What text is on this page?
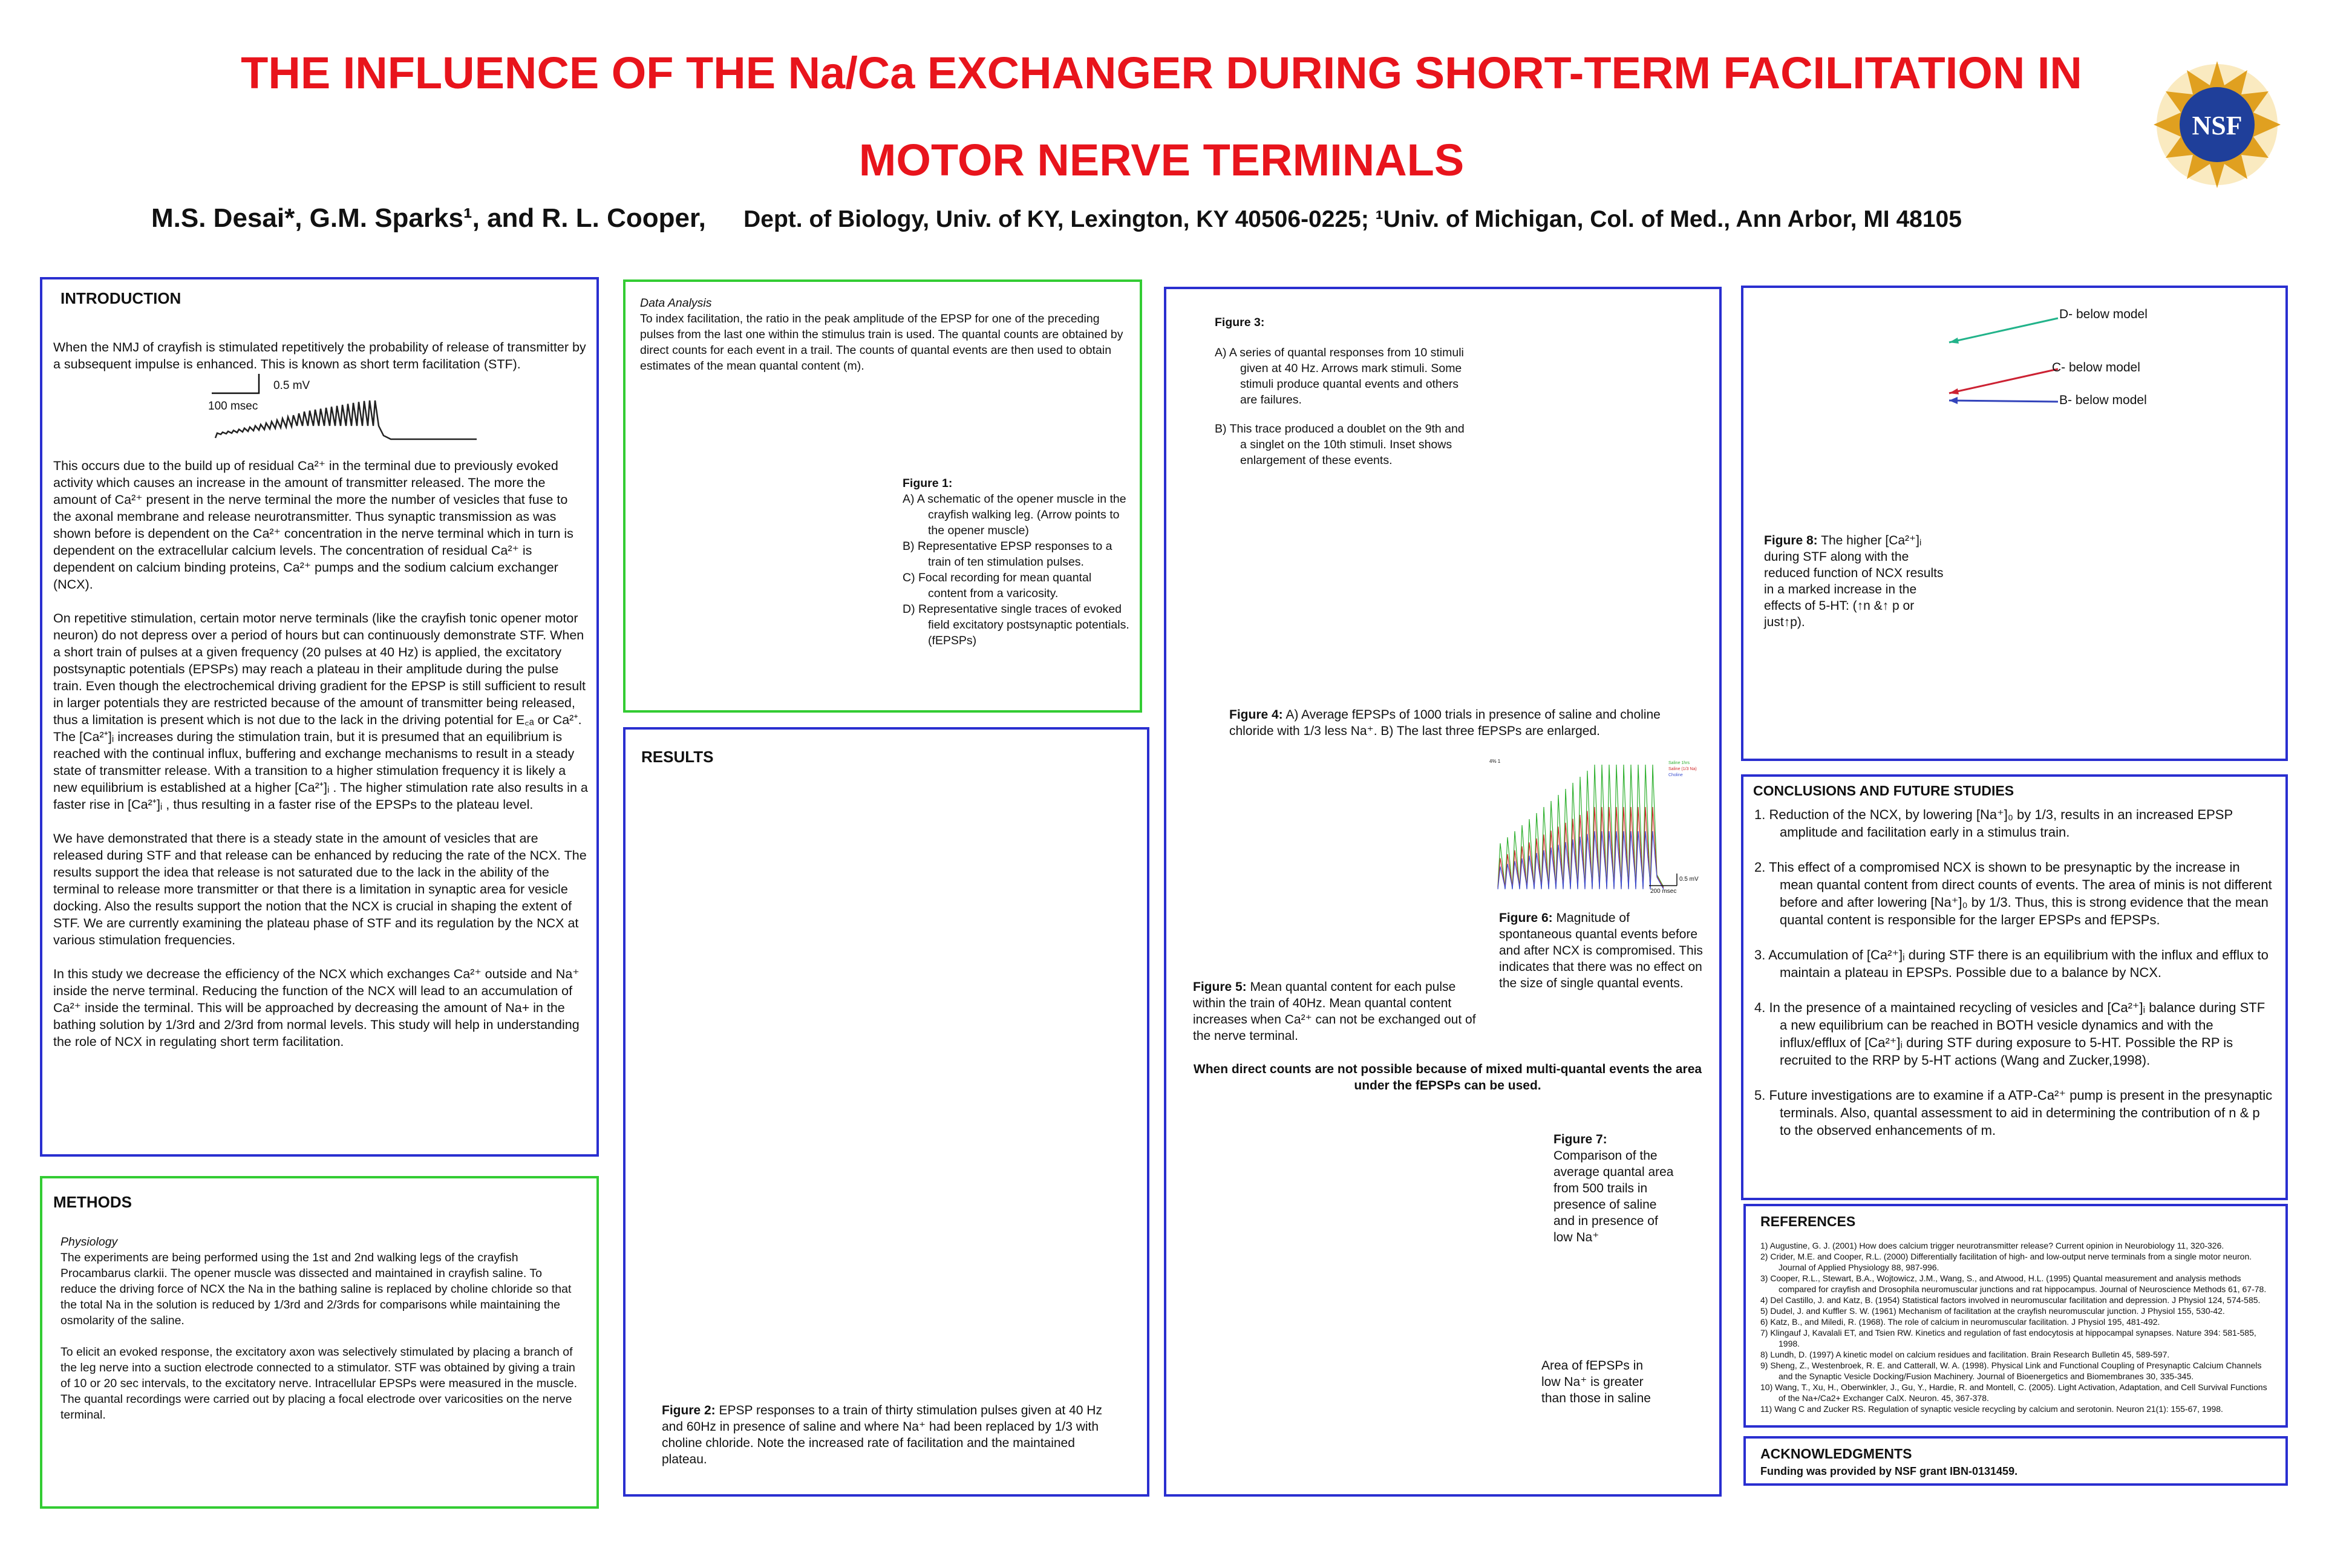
THE INFLUENCE OF THE Na/Ca EXCHANGER DURING SHORT-TERM FACILITATION IN
MOTOR NERVE TERMINALS
M.S. Desai*, G.M. Sparks¹, and R. L. Cooper, Dept. of Biology, Univ. of KY, Lexington, KY 40506-0225; ¹Univ. of Michigan, Col. of Med., Ann Arbor, MI 48105
NSF
INTRODUCTION

When the NMJ of crayfish is stimulated repetitively the probability of release of transmitter by a subsequent impulse is enhanced. This is known as short term facilitation (STF).

0.5 mV
100 msec

This occurs due to the build up of residual Ca²⁺ in the terminal due to previously evoked activity which causes an increase in the amount of transmitter released. The more the amount of Ca²⁺ present in the nerve terminal the more the number of vesicles that fuse to the axonal membrane and release neurotransmitter. Thus synaptic transmission as was shown before is dependent on the Ca²⁺ concentration in the nerve terminal which in turn is dependent on the extracellular calcium levels. The concentration of residual Ca²⁺ is dependent on calcium binding proteins, Ca²⁺ pumps and the sodium calcium exchanger (NCX).

On repetitive stimulation, certain motor nerve terminals (like the crayfish tonic opener motor neuron) do not depress over a period of hours but can continuously demonstrate STF. When a short train of pulses at a given frequency (20 pulses at 40 Hz) is applied, the excitatory postsynaptic potentials (EPSPs) may reach a plateau in their amplitude during the pulse train. Even though the electrochemical driving gradient for the EPSP is still sufficient to result in larger potentials they are restricted because of the amount of transmitter being released, thus a limitation is present which is not due to the lack in the driving potential for E꜀ₐ or Ca²⁺. The [Ca²⁺]ᵢ increases during the stimulation train, but it is presumed that an equilibrium is reached with the continual influx, buffering and exchange mechanisms to result in a steady state of transmitter release. With a transition to a higher stimulation frequency it is likely a new equilibrium is established at a higher [Ca²⁺]ᵢ . The higher stimulation rate also results in a faster rise in [Ca²⁺]ᵢ , thus resulting in a faster rise of the EPSPs to the plateau level.

We have demonstrated that there is a steady state in the amount of vesicles that are released during STF and that release can be enhanced by reducing the rate of the NCX. The results support the idea that release is not saturated due to the lack in the ability of the terminal to release more transmitter or that there is a limitation in synaptic area for vesicle docking. Also the results support the notion that the NCX is crucial in shaping the extent of STF. We are currently examining the plateau phase of STF and its regulation by the NCX at various stimulation frequencies.

In this study we decrease the efficiency of the NCX which exchanges Ca²⁺ outside and Na⁺ inside the nerve terminal. Reducing the function of the NCX will lead to an accumulation of Ca²⁺ inside the terminal. This will be approached by decreasing the amount of Na+ in the bathing solution by 1/3rd and 2/3rd from normal levels. This study will help in understanding the role of NCX in regulating short term facilitation.

METHODS
Physiology

The experiments are being performed using the 1st and 2nd walking legs of the crayfish Procambarus clarkii. The opener muscle was dissected and maintained in crayfish saline. To reduce the driving force of NCX the Na in the bathing saline is replaced by choline chloride so that the total Na in the solution is reduced by 1/3rd and 2/3rds for comparisons while maintaining the osmolarity of the saline.

To elicit an evoked response, the excitatory axon was selectively stimulated by placing a branch of the leg nerve into a suction electrode connected to a stimulator. STF was obtained by giving a train of 10 or 20 sec intervals, to the excitatory nerve. Intracellular EPSPs were measured in the muscle. The quantal recordings were carried out by placing a focal electrode over varicosities on the nerve terminal.

Data Analysis
To index facilitation, the ratio in the peak amplitude of the EPSP for one of the preceding pulses from the last one within the stimulus train is used. The quantal counts are obtained by direct counts for each event in a trail. The counts of quantal events are then used to obtain estimates of the mean quantal content (m).
Figure 1:
A) A schematic of the opener muscle in the crayfish walking leg. (Arrow points to the opener muscle)
B) Representative EPSP responses to a train of ten stimulation pulses.
C) Focal recording for mean quantal content from a varicosity.
D) Representative single traces of evoked field excitatory postsynaptic potentials. (fEPSPs)
RESULTS
Figure 2: EPSP responses to a train of thirty stimulation pulses given at 40 Hz and 60Hz in presence of saline and where Na⁺ had been replaced by 1/3 with choline chloride. Note the increased rate of facilitation and the maintained plateau.
Figure 3:
A) A series of quantal responses from 10 stimuli given at 40 Hz. Arrows mark stimuli. Some stimuli produce quantal events and others are failures.
B) This trace produced a doublet on the 9th and a singlet on the 10th stimuli. Inset shows enlargement of these events.
Figure 4: A) Average fEPSPs of 1000 trials in presence of saline and choline chloride with 1/3 less Na⁺. B) The last three fEPSPs are enlarged.
4% 1	Saline 1hrs
Saline (1/3 Na)
Choline
0.5 mV
200 msec
Figure 6: Magnitude of spontaneous quantal events before and after NCX is compromised. This indicates that there was no effect on the size of single quantal events.
Figure 5: Mean quantal content for each pulse within the train of 40Hz. Mean quantal content increases when Ca²⁺ can not be exchanged out of the nerve terminal.
When direct counts are not possible because of mixed multi-quantal events the area under the fEPSPs can be used.
Figure 7:
Comparison of the average quantal area from 500 trails in presence of saline and in presence of low Na⁺
Area of fEPSPs in low Na⁺ is greater than those in saline
D- below model
C- below model
B- below model
Figure 8: The higher [Ca²⁺]ᵢ during STF along with the reduced function of NCX results in a marked increase in the effects of 5-HT: (↑n &↑ p or just↑p).
CONCLUSIONS AND FUTURE STUDIES
1. Reduction of the NCX, by lowering [Na⁺]₀ by 1/3, results in an increased EPSP amplitude and facilitation early in a stimulus train.
2. This effect of a compromised NCX is shown to be presynaptic by the increase in mean quantal content from direct counts of events. The area of minis is not different before and after lowering [Na⁺]₀ by 1/3. Thus, this is strong evidence that the mean quantal content is responsible for the larger EPSPs and fEPSPs.
3. Accumulation of [Ca²⁺]ᵢ during STF there is an equilibrium with the influx and efflux to maintain a plateau in EPSPs. Possible due to a balance by NCX.
4. In the presence of a maintained recycling of vesicles and [Ca²⁺]ᵢ balance during STF a new equilibrium can be reached in BOTH vesicle dynamics and with the influx/efflux of [Ca²⁺]ᵢ during STF during exposure to 5-HT. Possible the RP is recruited to the RRP by 5-HT actions (Wang and Zucker,1998).
5. Future investigations are to examine if a ATP-Ca²⁺ pump is present in the presynaptic terminals. Also, quantal assessment to aid in determining the contribution of n & p to the observed enhancements of m.
REFERENCES
1) Augustine, G. J. (2001) How does calcium trigger neurotransmitter release? Current opinion in Neurobiology 11, 320-326.
2) Crider, M.E. and Cooper, R.L. (2000) Differentially facilitation of high- and low-output nerve terminals from a single motor neuron. Journal of Applied Physiology 88, 987-996.
3) Cooper, R.L., Stewart, B.A., Wojtowicz, J.M., Wang, S., and Atwood, H.L. (1995) Quantal measurement and analysis methods compared for crayfish and Drosophila neuromuscular junctions and rat hippocampus. Journal of Neuroscience Methods 61, 67-78.
4) Del Castillo, J. and Katz, B. (1954) Statistical factors involved in neuromuscular facilitation and depression. J Physiol 124, 574-585.
5) Dudel, J. and Kuffler S. W. (1961) Mechanism of facilitation at the crayfish neuromuscular junction. J Physiol 155, 530-42.
6) Katz, B., and Miledi, R. (1968). The role of calcium in neuromuscular facilitation. J Physiol 195, 481-492.
7) Klingauf J, Kavalali ET, and Tsien RW. Kinetics and regulation of fast endocytosis at hippocampal synapses. Nature 394: 581-585, 1998.
8) Lundh, D. (1997) A kinetic model on calcium residues and facilitation. Brain Research Bulletin 45, 589-597.
9) Sheng, Z., Westenbroek, R. E. and Catterall, W. A. (1998). Physical Link and Functional Coupling of Presynaptic Calcium Channels and the Synaptic Vesicle Docking/Fusion Machinery. Journal of Bioenergetics and Biomembranes 30, 335-345.
10) Wang, T., Xu, H., Oberwinkler, J., Gu, Y., Hardie, R. and Montell, C. (2005). Light Activation, Adaptation, and Cell Survival Functions of the Na+/Ca2+ Exchanger CalX. Neuron. 45, 367-378.
11) Wang C and Zucker RS. Regulation of synaptic vesicle recycling by calcium and serotonin. Neuron 21(1): 155-67, 1998.
ACKNOWLEDGMENTS
Funding was provided by NSF grant IBN-0131459.
